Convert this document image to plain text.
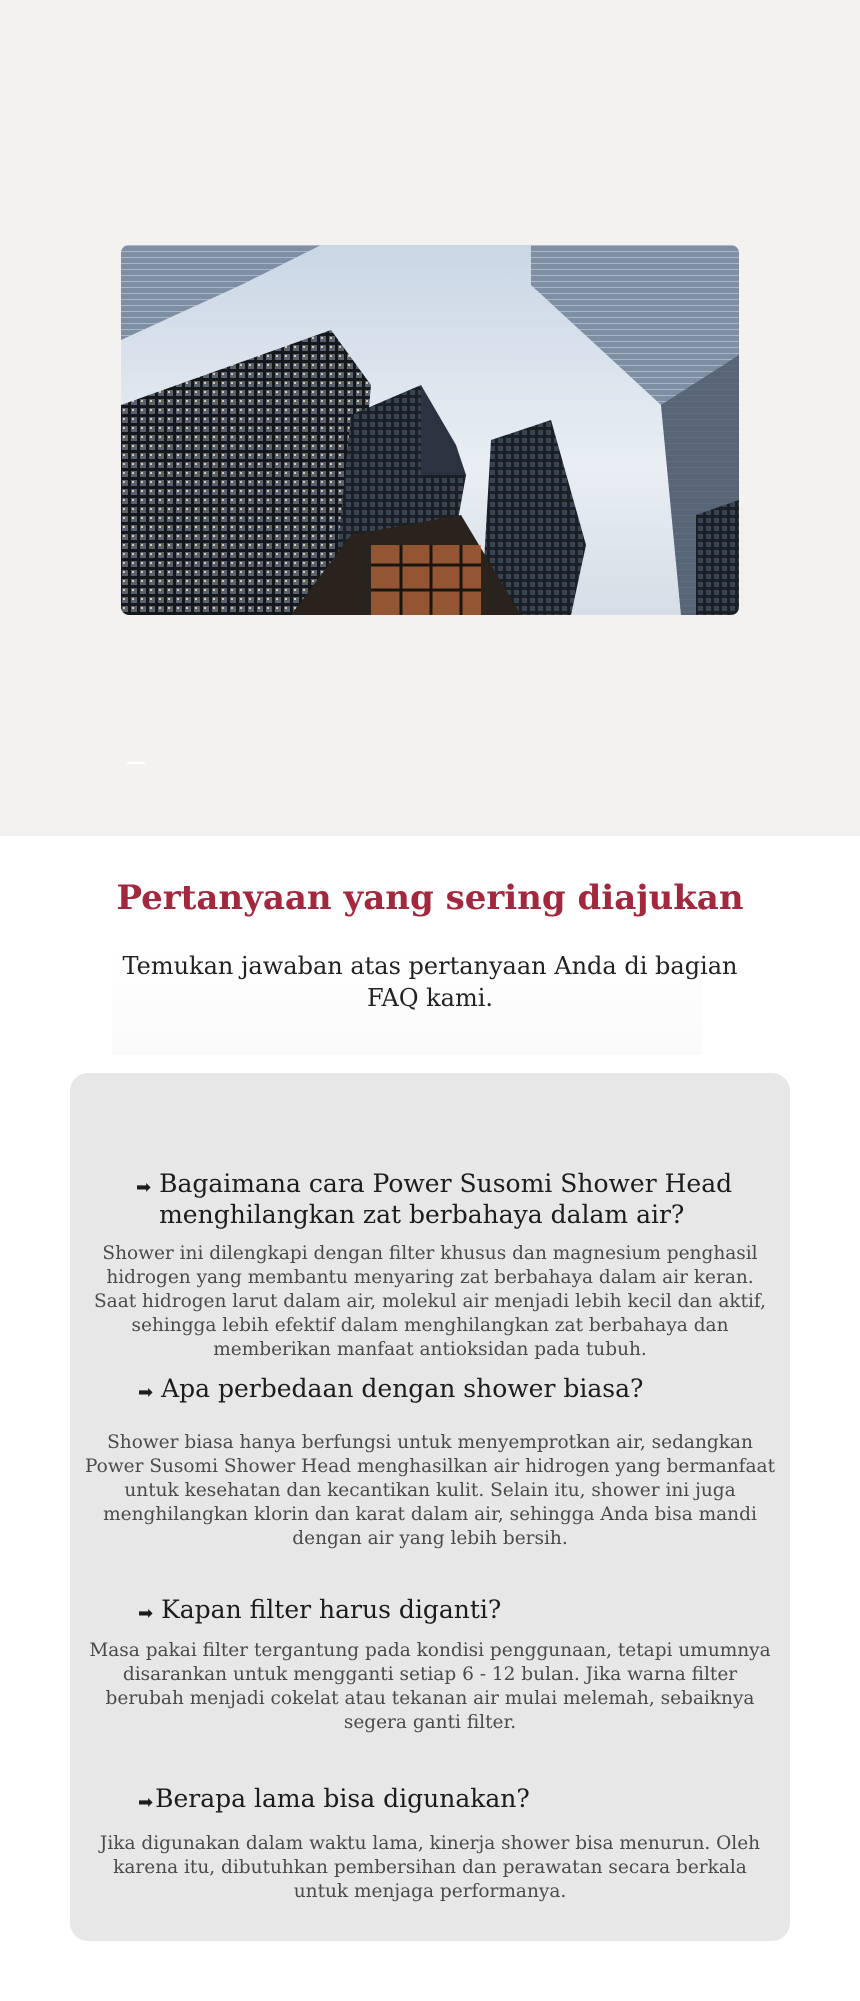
Pertanyaan yang sering diajukan

Temukan jawaban atas pertanyaan Anda di bagian FAQ kami.

➡ Bagaimana cara Power Susomi Shower Head menghilangkan zat berbahaya dalam air?

Shower ini dilengkapi dengan filter khusus dan magnesium penghasil hidrogen yang membantu menyaring zat berbahaya dalam air keran. Saat hidrogen larut dalam air, molekul air menjadi lebih kecil dan aktif, sehingga lebih efektif dalam menghilangkan zat berbahaya dan memberikan manfaat antioksidan pada tubuh.

➡ Apa perbedaan dengan shower biasa?

Shower biasa hanya berfungsi untuk menyemprotkan air, sedangkan Power Susomi Shower Head menghasilkan air hidrogen yang bermanfaat untuk kesehatan dan kecantikan kulit. Selain itu, shower ini juga menghilangkan klorin dan karat dalam air, sehingga Anda bisa mandi dengan air yang lebih bersih.

➡ Kapan filter harus diganti?

Masa pakai filter tergantung pada kondisi penggunaan, tetapi umumnya disarankan untuk mengganti setiap 6 - 12 bulan. Jika warna filter berubah menjadi cokelat atau tekanan air mulai melemah, sebaiknya segera ganti filter.

➡ Berapa lama bisa digunakan?

Jika digunakan dalam waktu lama, kinerja shower bisa menurun. Oleh karena itu, dibutuhkan pembersihan dan perawatan secara berkala untuk menjaga performanya.
